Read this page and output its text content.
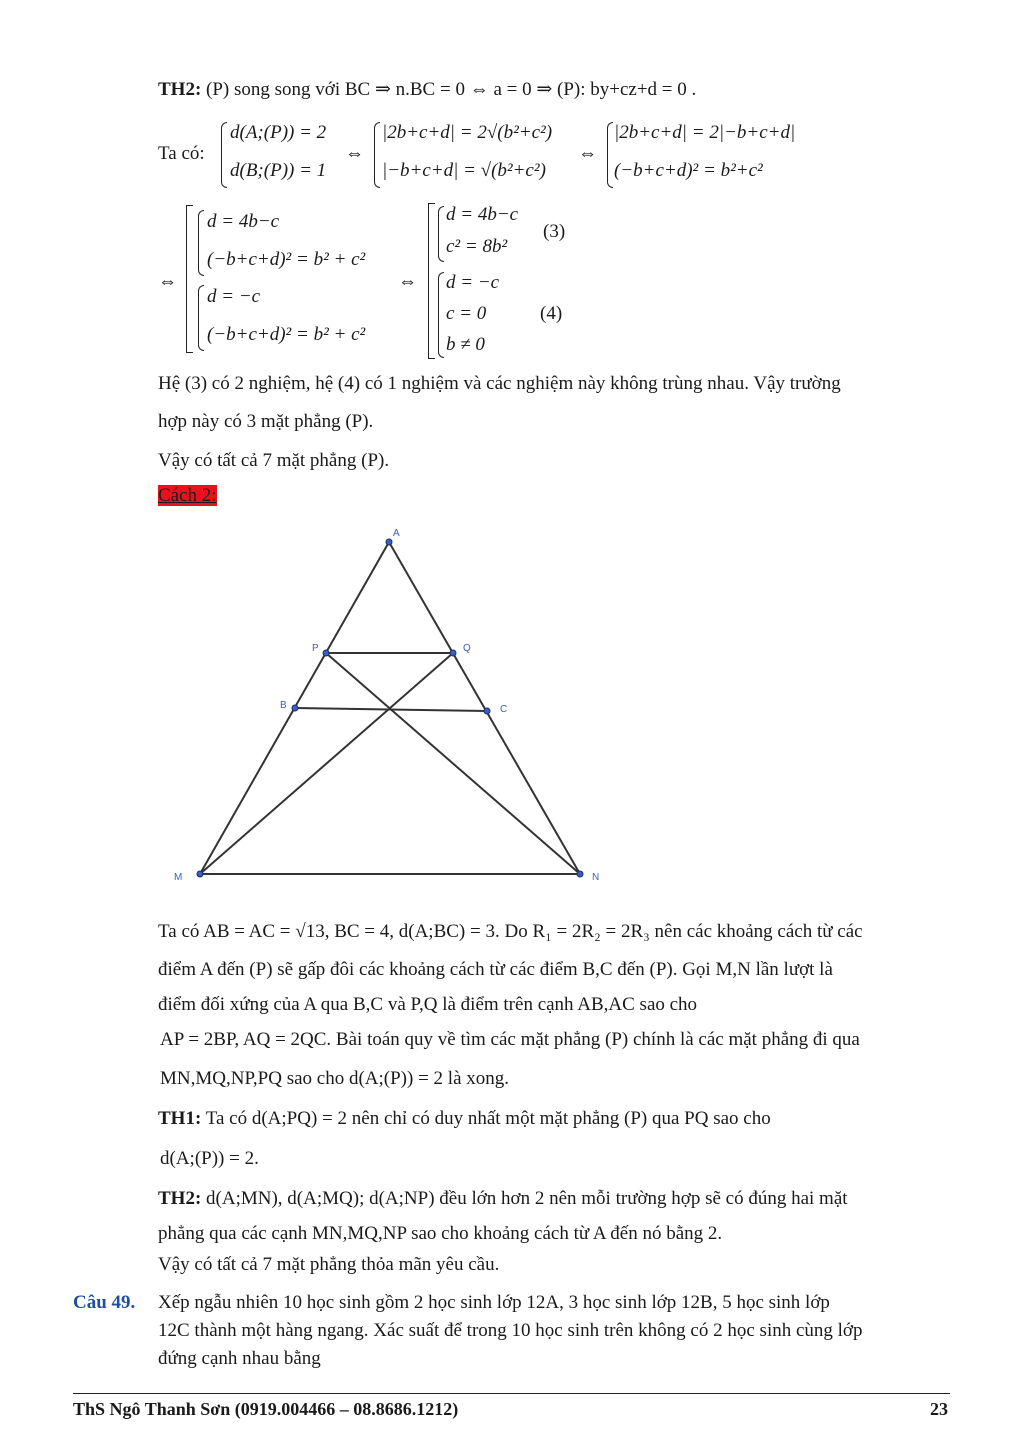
TH2: (P) song song với BC ⇒ n.BC = 0 ⇔ a = 0 ⇒ (P): by+cz+d = 0 .
Ta có:
d(A;(P)) = 2
d(B;(P)) = 1
⇔
|2b+c+d| = 2√(b²+c²)
|−b+c+d| = √(b²+c²)
⇔
|2b+c+d| = 2|−b+c+d|
(−b+c+d)² = b²+c²
⇔
d = 4b−c
(−b+c+d)² = b² + c²
d = −c
(−b+c+d)² = b² + c²
⇔
d = 4b−c
c² = 8b²
(3)
d = −c
c = 0
b ≠ 0
(4)
Hệ (3) có 2 nghiệm, hệ (4) có 1 nghiệm và các nghiệm này không trùng nhau. Vậy trường
hợp này có 3 mặt phẳng (P).
Vậy có tất cả 7 mặt phẳng (P).
Cách 2:
A
P	Q
B	C
M	N
Ta có AB = AC = √13, BC = 4, d(A;BC) = 3. Do R₁ = 2R₂ = 2R₃ nên các khoảng cách từ các
điểm A đến (P) sẽ gấp đôi các khoảng cách từ các điểm B,C đến (P). Gọi M,N lần lượt là
điểm đối xứng của A qua B,C và P,Q là điểm trên cạnh AB,AC sao cho
AP = 2BP, AQ = 2QC. Bài toán quy về tìm các mặt phẳng (P) chính là các mặt phẳng đi qua
MN,MQ,NP,PQ sao cho d(A;(P)) = 2 là xong.
TH1: Ta có d(A;PQ) = 2 nên chỉ có duy nhất một mặt phẳng (P) qua PQ sao cho
d(A;(P)) = 2.
TH2: d(A;MN), d(A;MQ); d(A;NP) đều lớn hơn 2 nên mỗi trường hợp sẽ có đúng hai mặt
phẳng qua các cạnh MN,MQ,NP sao cho khoảng cách từ A đến nó bằng 2.
Vậy có tất cả 7 mặt phẳng thỏa mãn yêu cầu.
Câu 49. Xếp ngẫu nhiên 10 học sinh gồm 2 học sinh lớp 12A, 3 học sinh lớp 12B, 5 học sinh lớp
12C thành một hàng ngang. Xác suất để trong 10 học sinh trên không có 2 học sinh cùng lớp
đứng cạnh nhau bằng
ThS Ngô Thanh Sơn (0919.004466 – 08.8686.1212)	23
